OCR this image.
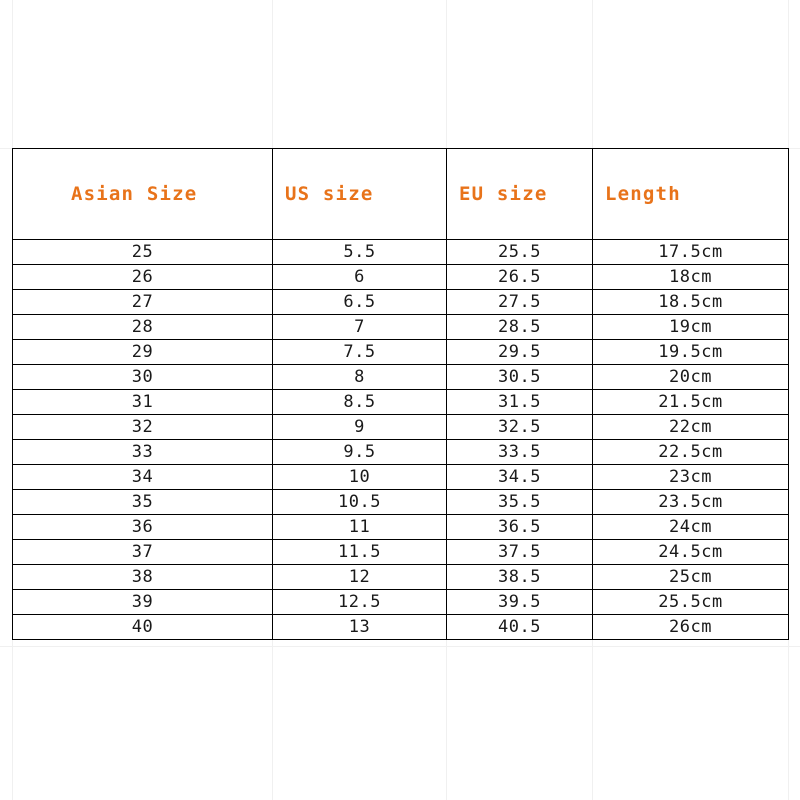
Asian Size	US size	EU size	Length
25	5.5	25.5	17.5cm
26	6	26.5	18cm
27	6.5	27.5	18.5cm
28	7	28.5	19cm
29	7.5	29.5	19.5cm
30	8	30.5	20cm
31	8.5	31.5	21.5cm
32	9	32.5	22cm
33	9.5	33.5	22.5cm
34	10	34.5	23cm
35	10.5	35.5	23.5cm
36	11	36.5	24cm
37	11.5	37.5	24.5cm
38	12	38.5	25cm
39	12.5	39.5	25.5cm
40	13	40.5	26cm
